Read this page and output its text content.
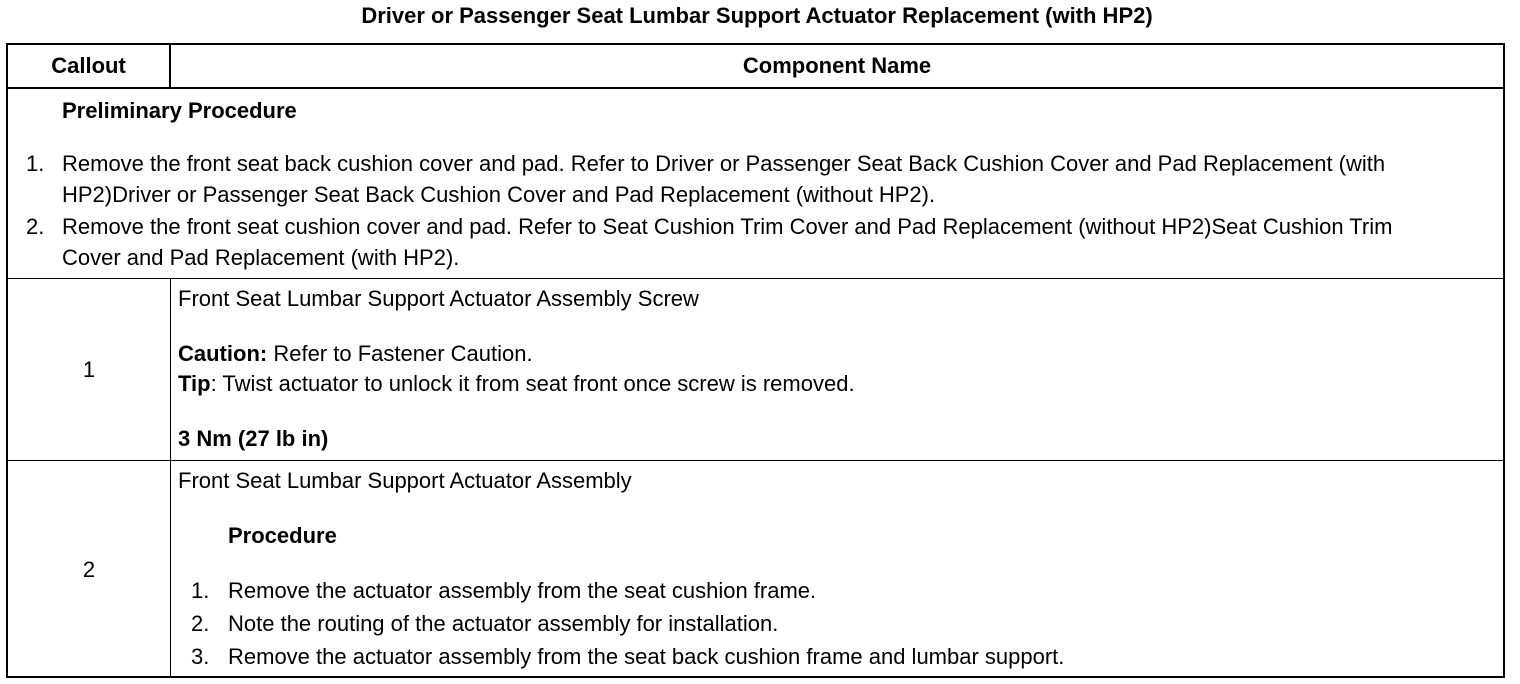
Driver or Passenger Seat Lumbar Support Actuator Replacement (with HP2)
Callout	Component Name
Preliminary Procedure
1. Remove the front seat back cushion cover and pad. Refer to Driver or Passenger Seat Back Cushion Cover and Pad Replacement (with HP2)Driver or Passenger Seat Back Cushion Cover and Pad Replacement (without HP2).
2. Remove the front seat cushion cover and pad. Refer to Seat Cushion Trim Cover and Pad Replacement (without HP2)Seat Cushion Trim Cover and Pad Replacement (with HP2).
1
Front Seat Lumbar Support Actuator Assembly Screw
Caution: Refer to Fastener Caution.
Tip: Twist actuator to unlock it from seat front once screw is removed.
3 Nm (27 lb in)
2
Front Seat Lumbar Support Actuator Assembly
Procedure
1. Remove the actuator assembly from the seat cushion frame.
2. Note the routing of the actuator assembly for installation.
3. Remove the actuator assembly from the seat back cushion frame and lumbar support.
